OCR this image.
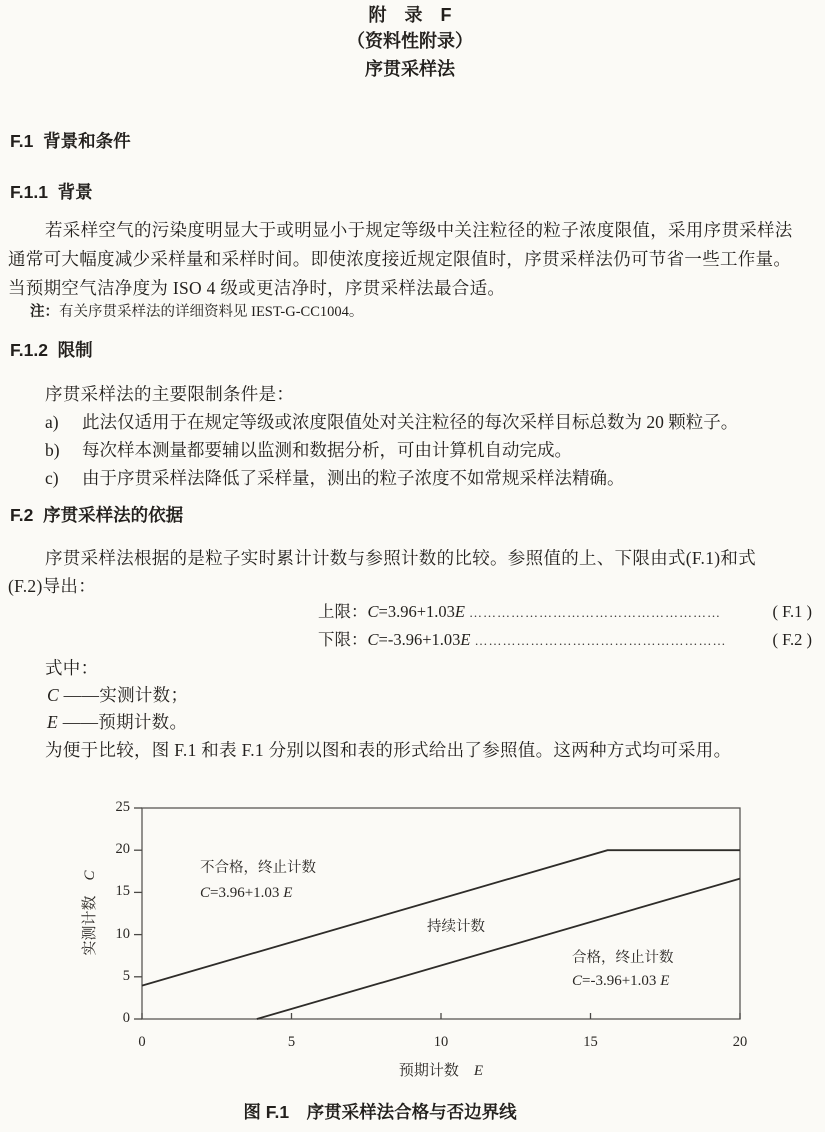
附　录　F
（资料性附录）
序贯采样法
F.1  背景和条件
F.1.1  背景
若采样空气的污染度明显大于或明显小于规定等级中关注粒径的粒子浓度限值，采用序贯采样法
通常可大幅度减少采样量和采样时间。即使浓度接近规定限值时，序贯采样法仍可节省一些工作量。
当预期空气洁净度为 ISO 4 级或更洁净时，序贯采样法最合适。
注：有关序贯采样法的详细资料见 IEST-G-CC1004。
F.1.2  限制
序贯采样法的主要限制条件是：
a) 此法仅适用于在规定等级或浓度限值处对关注粒径的每次采样目标总数为 20 颗粒子。
b) 每次样本测量都要辅以监测和数据分析，可由计算机自动完成。
c) 由于序贯采样法降低了采样量，测出的粒子浓度不如常规采样法精确。
F.2  序贯采样法的依据
序贯采样法根据的是粒子实时累计计数与参照计数的比较。参照值的上、下限由式(F.1)和式
(F.2)导出：
上限： C =3.96+1.03 E ………………………………………………	( F.1 )
下限： C =-3.96+1.03 E ………………………………………………	( F.2 )
式中：
C ——实测计数；
E ——预期计数。
为便于比较，图 F.1 和表 F.1 分别以图和表的形式给出了参照值。这两种方式均可采用。
实测计数　C
预期计数　 E
不合格，终止计数
C=3.96+1.03 E
持续计数
合格，终止计数
C=-3.96+1.03 E
图 F.1　序贯采样法合格与否边界线
0	5	10	15	20
0
5
10
15
20
25
